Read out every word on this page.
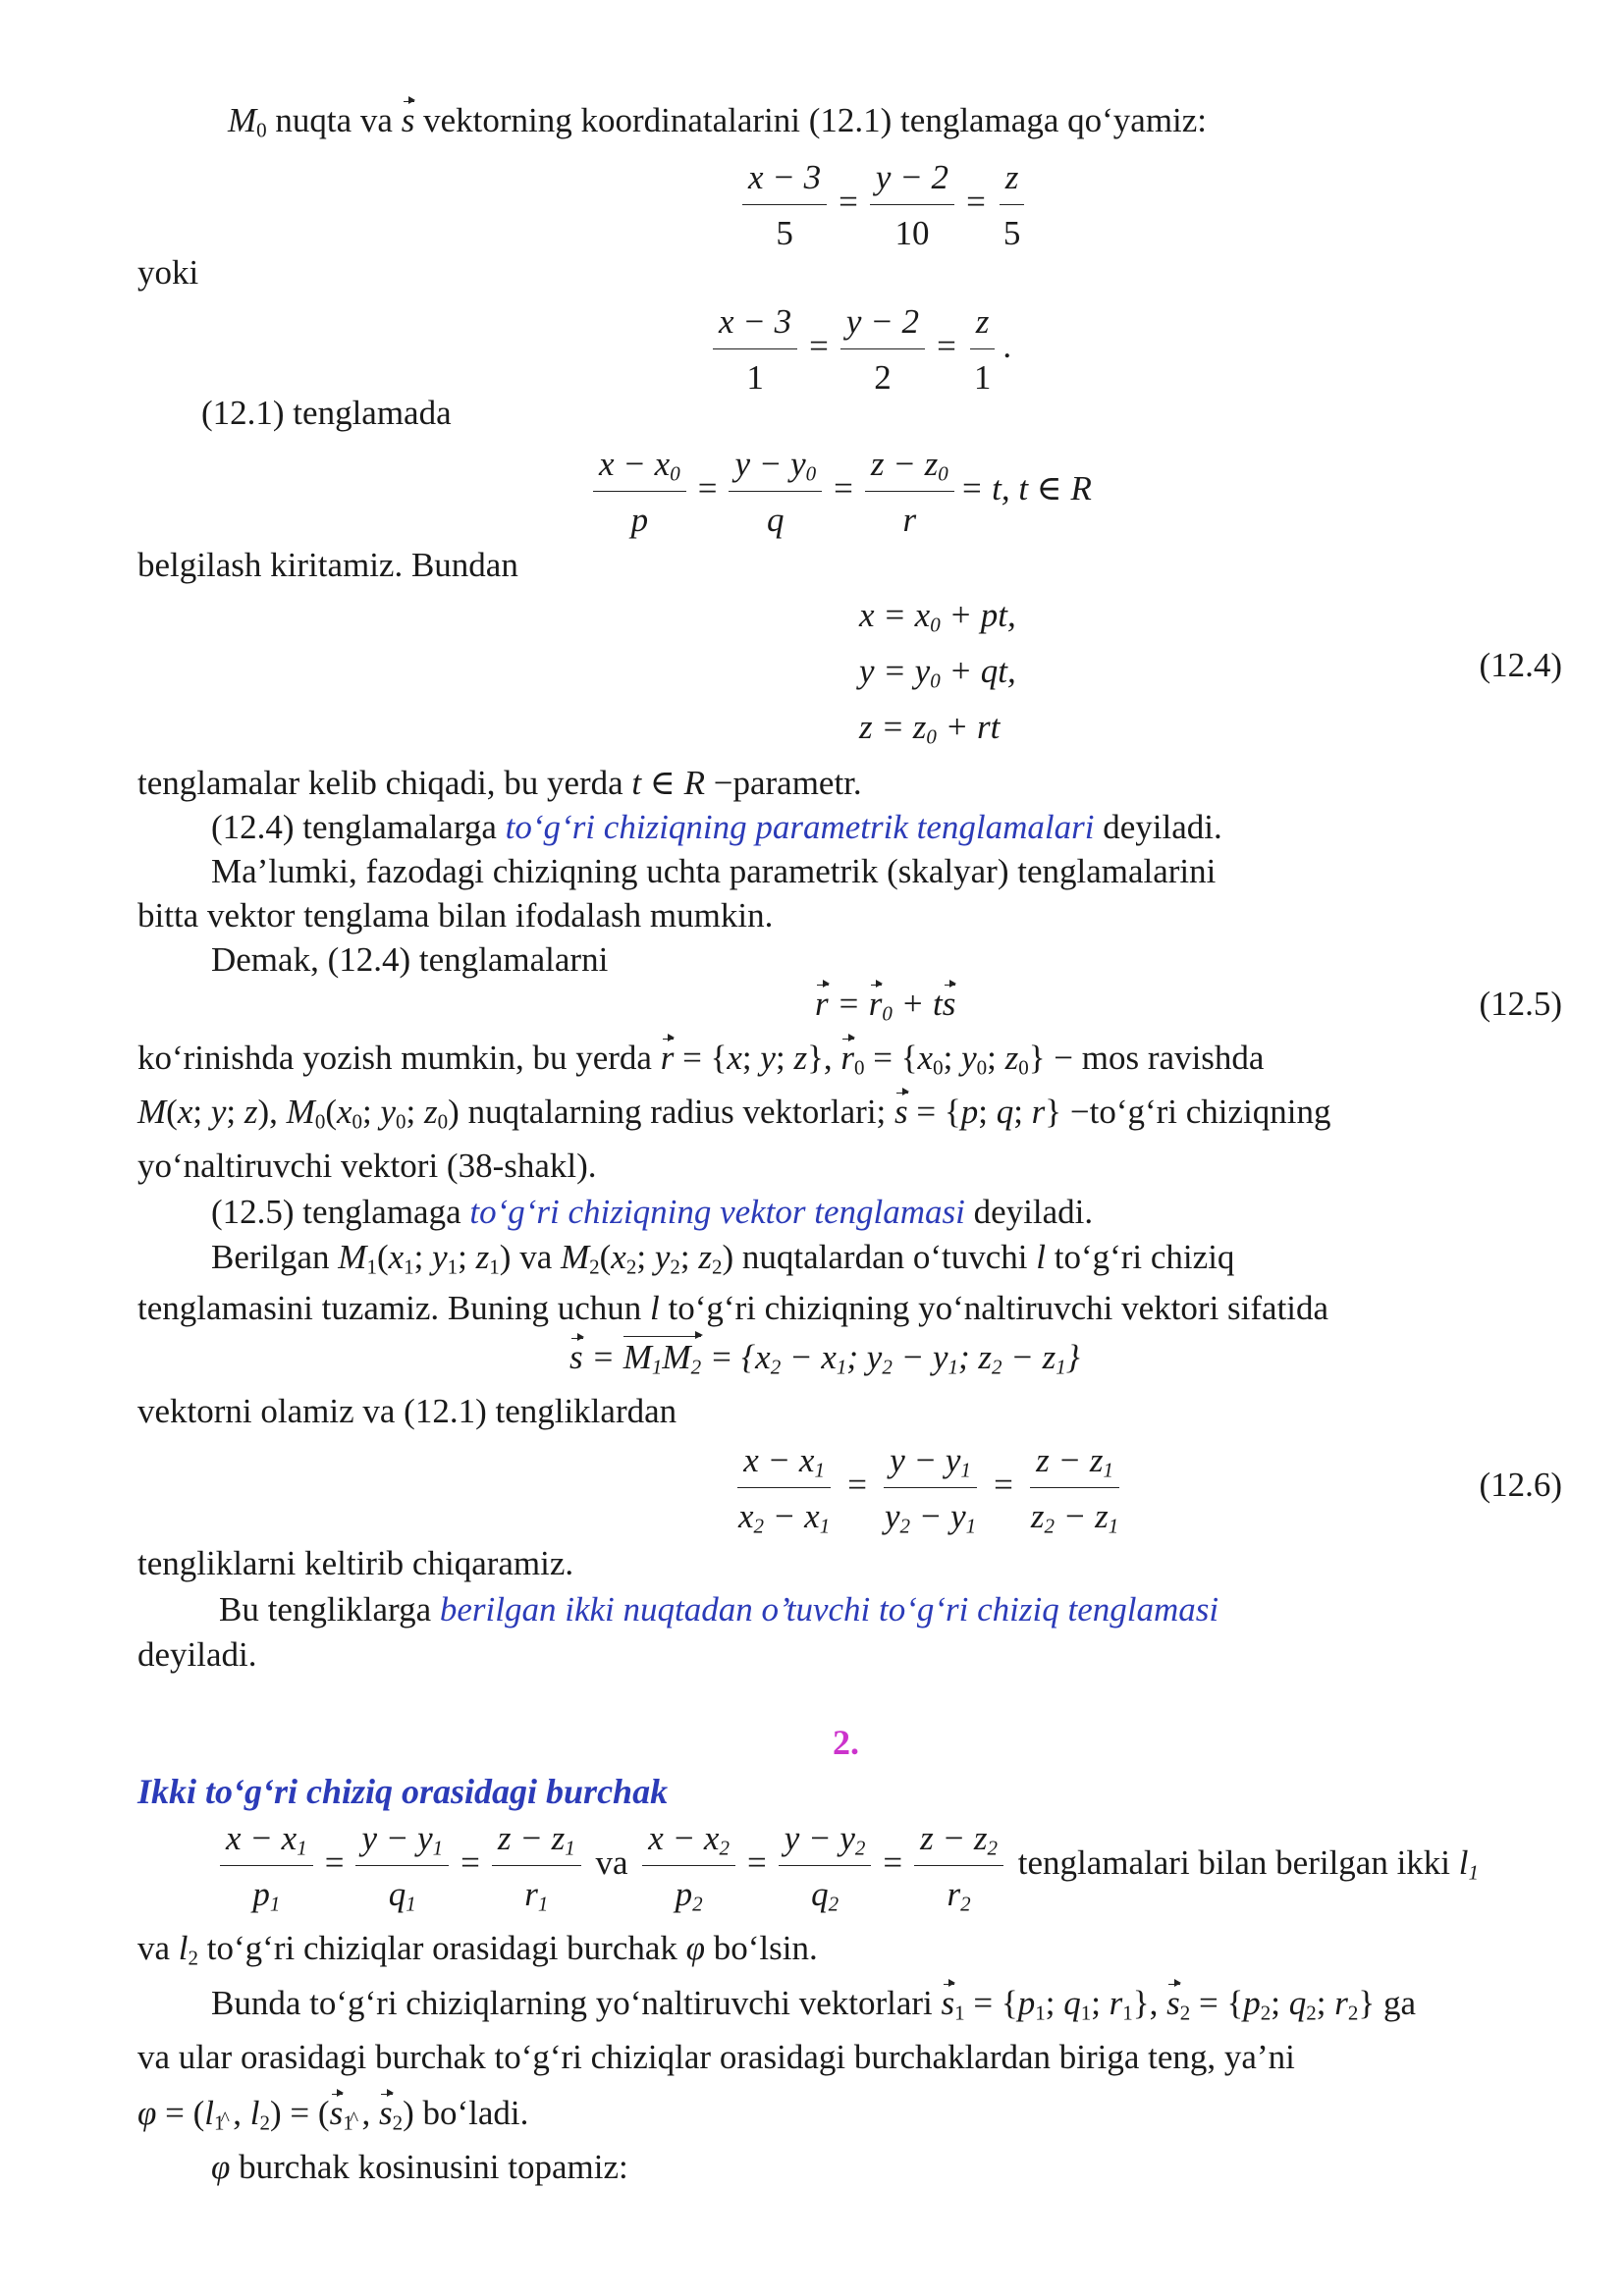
$M_0$ nuqta va s vektorning koordinatalarini (12.1) tenglamaga qo‘yamiz:
$\frac{x - 3}{5} = \frac{y - 2}{10} = \frac{z}{5}$
yoki
$\frac{x - 3}{1} = \frac{y - 2}{2} = \frac{z}{1}$ .
(12.1) tenglamada
$\frac{x - x_0}{p} = \frac{y - y_0}{q} = \frac{z - z_0}{r} = t$, t ∈ R
belgilash kiritamiz. Bundan
$x = x_0$ + pt,
$y = y_0$ + qt,
$z = z_0$ + rt
(12.4)
tenglamalar kelib chiqadi, bu yerda t ∈ R −parametr.
(12.4) tenglamalarga to‘g‘ri chiziqning parametrik tenglamalari deyiladi.
Ma’lumki, fazodagi chiziqning uchta parametrik (skalyar) tenglamalarini
bitta vektor tenglama bilan ifodalash mumkin.
Demak, (12.4) tenglamalarni
$r = r_0$ + ts	(12.5)
ko‘rinishda yozish mumkin, bu yerda r = {x; y; z}, $r_0 = \{x_0$; $y_0$; $z_0$} − mos ravishda
M(x; y; z), $M_0(x_0$; $y_0$; $z_0$) nuqtalarning radius vektorlari; s = {p; q; r} −to‘g‘ri chiziqning
yo‘naltiruvchi vektori (38-shakl).
(12.5) tenglamaga to‘g‘ri chiziqning vektor tenglamasi deyiladi.
Berilgan $M_1(x_1$; $y_1$; $z_1$) va $M_2(x_2$; $y_2$; $z_2$) nuqtalardan o‘tuvchi l to‘g‘ri chiziq
tenglamasini tuzamiz. Buning uchun l to‘g‘ri chiziqning yo‘naltiruvchi vektori sifatida
$s = M_1M_2 = \{x_2 - x_1$; $y_2 - y_1$; $z_2 - z_1$}
vektorni olamiz va (12.1) tengliklardan
$\frac{x - x_1}{x_2 - x_1} = \frac{y - y_1}{y_2 - y_1} = \frac{z - z_1}{z_2 - z_1}$	(12.6)
tengliklarni keltirib chiqaramiz.
Bu tengliklarga berilgan ikki nuqtadan o’tuvchi to‘g‘ri chiziq tenglamasi
deyiladi.
2.
Ikki to‘g‘ri chiziq orasidagi burchak
$\frac{x - x_1}{p_1} = \frac{y - y_1}{q_1} = \frac{z - z_1}{r_1}$ va $\frac{x - x_2}{p_2} = \frac{y - y_2}{q_2} = \frac{z - z_2}{r_2}$ tenglamalari bilan berilgan ikki $l_1$
va $l_2$ to‘g‘ri chiziqlar orasidagi burchak φ bo‘lsin.
Bunda to‘g‘ri chiziqlarning yo‘naltiruvchi vektorlari $s_1 = \{p_1$; $q_1$; $r_1$}, $s_2 = \{p_2$; $q_2$; $r_2$} ga
va ular orasidagi burchak to‘g‘ri chiziqlar orasidagi burchaklardan biriga teng, ya’ni
$\varphi = (l_1$ , $l_2) = (s_1$ , $s_2$) bo‘ladi.
φ burchak kosinusini topamiz:
